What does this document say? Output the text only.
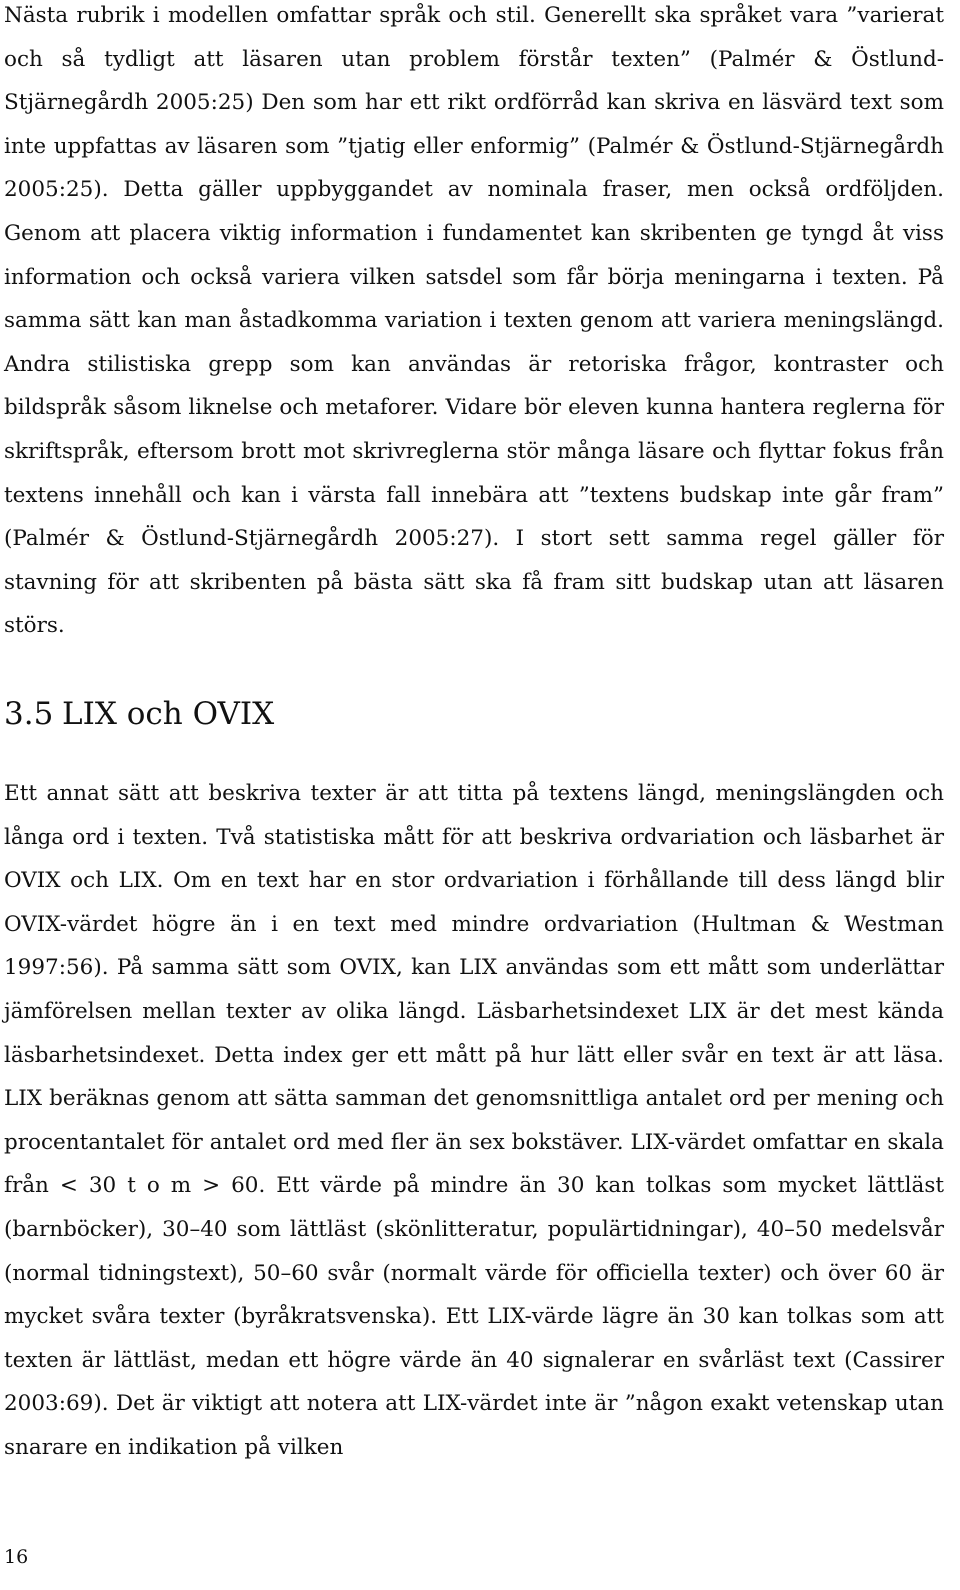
Nästa rubrik i modellen omfattar språk och stil. Generellt ska språket vara ”varierat och så tydligt att läsaren utan problem förstår texten” (Palmér & Östlund-Stjärnegårdh 2005:25) Den som har ett rikt ordförråd kan skriva en läsvärd text som inte uppfattas av läsaren som ”tjatig eller enformig” (Palmér & Östlund-Stjärnegårdh 2005:25). Detta gäller uppbyggandet av nominala fraser, men också ordföljden. Genom att placera viktig information i fundamentet kan skribenten ge tyngd åt viss information och också variera vilken satsdel som får börja meningarna i texten. På samma sätt kan man åstadkomma variation i texten genom att variera meningslängd. Andra stilistiska grepp som kan användas är retoriska frågor, kontraster och bildspråk såsom liknelse och metaforer. Vidare bör eleven kunna hantera reglerna för skriftspråk, eftersom brott mot skrivreglerna stör många läsare och flyttar fokus från textens innehåll och kan i värsta fall innebära att ”textens budskap inte går fram” (Palmér & Östlund-Stjärnegårdh 2005:27). I stort sett samma regel gäller för stavning för att skribenten på bästa sätt ska få fram sitt budskap utan att läsaren störs.

3.5 LIX och OVIX

Ett annat sätt att beskriva texter är att titta på textens längd, meningslängden och långa ord i texten. Två statistiska mått för att beskriva ordvariation och läsbarhet är OVIX och LIX. Om en text har en stor ordvariation i förhållande till dess längd blir OVIX-värdet högre än i en text med mindre ordvariation (Hultman & Westman 1997:56). På samma sätt som OVIX, kan LIX användas som ett mått som underlättar jämförelsen mellan texter av olika längd. Läsbarhetsindexet LIX är det mest kända läsbarhetsindexet. Detta index ger ett mått på hur lätt eller svår en text är att läsa. LIX beräknas genom att sätta samman det genomsnittliga antalet ord per mening och procentantalet för antalet ord med fler än sex bokstäver. LIX-värdet omfattar en skala från < 30 t o m > 60. Ett värde på mindre än 30 kan tolkas som mycket lättläst (barnböcker), 30–40 som lättläst (skönlitteratur, populärtidningar), 40–50 medelsvår (normal tidningstext), 50–60 svår (normalt värde för officiella texter) och över 60 är mycket svåra texter (byråkratsvenska). Ett LIX-värde lägre än 30 kan tolkas som att texten är lättläst, medan ett högre värde än 40 signalerar en svårläst text (Cassirer 2003:69). Det är viktigt att notera att LIX-värdet inte är ”någon exakt vetenskap utan snarare en indikation på vilken

16
